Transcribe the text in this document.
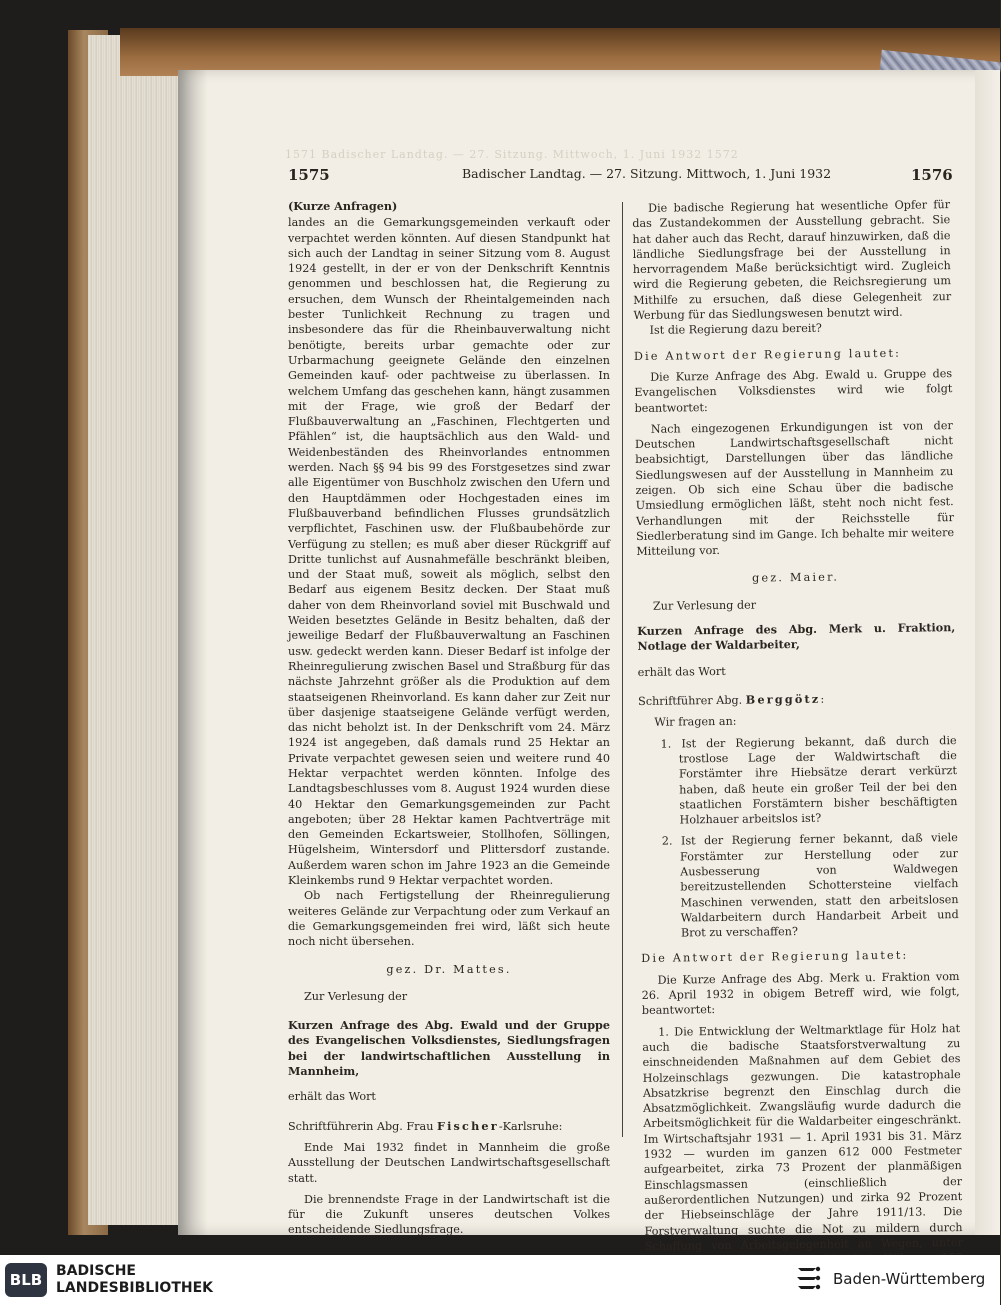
1571 Badischer Landtag. — 27. Sitzung. Mittwoch, 1. Juni 1932 1572
1575	Badischer Landtag. — 27. Sitzung. Mittwoch, 1. Juni 1932	1576

(Kurze Anfragen)

landes an die Gemarkungsgemeinden verkauft oder verpachtet werden könnten. Auf diesen Standpunkt hat sich auch der Landtag in seiner Sitzung vom 8. August 1924 gestellt, in der er von der Denkschrift Kenntnis genommen und beschlossen hat, die Regierung zu ersuchen, dem Wunsch der Rheintalgemeinden nach bester Tunlichkeit Rechnung zu tragen und insbesondere das für die Rheinbauverwaltung nicht benötigte, bereits urbar gemachte oder zur Urbarmachung geeignete Gelände den einzelnen Gemeinden kauf- oder pachtweise zu überlassen. In welchem Umfang das geschehen kann, hängt zusammen mit der Frage, wie groß der Bedarf der Flußbauverwaltung an „Faschinen, Flechtgerten und Pfählen“ ist, die hauptsächlich aus den Wald- und Weidenbeständen des Rheinvorlandes entnommen werden. Nach §§ 94 bis 99 des Forstgesetzes sind zwar alle Eigentümer von Buschholz zwischen den Ufern und den Hauptdämmen oder Hochgestaden eines im Flußbauverband befindlichen Flusses grundsätzlich verpflichtet, Faschinen usw. der Flußbaubehörde zur Verfügung zu stellen; es muß aber dieser Rückgriff auf Dritte tunlichst auf Ausnahmefälle beschränkt bleiben, und der Staat muß, soweit als möglich, selbst den Bedarf aus eigenem Besitz decken. Der Staat muß daher von dem Rheinvorland soviel mit Buschwald und Weiden besetztes Gelände in Besitz behalten, daß der jeweilige Bedarf der Flußbauverwaltung an Faschinen usw. gedeckt werden kann. Dieser Bedarf ist infolge der Rheinregulierung zwischen Basel und Straßburg für das nächste Jahrzehnt größer als die Produktion auf dem staatseigenen Rheinvorland. Es kann daher zur Zeit nur über dasjenige staatseigene Gelände verfügt werden, das nicht beholzt ist. In der Denkschrift vom 24. März 1924 ist angegeben, daß damals rund 25 Hektar an Private verpachtet gewesen seien und weitere rund 40 Hektar verpachtet werden könnten. Infolge des Landtagsbeschlusses vom 8. August 1924 wurden diese 40 Hektar den Gemarkungsgemeinden zur Pacht angeboten; über 28 Hektar kamen Pachtverträge mit den Gemeinden Eckartsweier, Stollhofen, Söllingen, Hügelsheim, Wintersdorf und Plittersdorf zustande. Außerdem waren schon im Jahre 1923 an die Gemeinde Kleinkembs rund 9 Hektar verpachtet worden.

Ob nach Fertigstellung der Rheinregulierung weiteres Gelände zur Verpachtung oder zum Verkauf an die Gemarkungsgemeinden frei wird, läßt sich heute noch nicht übersehen.

gez. Dr. Mattes.

Zur Verlesung der

Kurzen Anfrage des Abg. Ewald und der Gruppe des Evangelischen Volksdienstes, Siedlungsfragen bei der landwirtschaftlichen Ausstellung in Mannheim,

erhält das Wort

Schriftführerin Abg. Frau Fischer-Karlsruhe:

Ende Mai 1932 findet in Mannheim die große Ausstellung der Deutschen Landwirtschaftsgesellschaft statt.

Die brennendste Frage in der Landwirtschaft ist die für die Zukunft unseres deutschen Volkes entscheidende Siedlungsfrage.

Die badische Regierung hat wesentliche Opfer für das Zustandekommen der Ausstellung gebracht. Sie hat daher auch das Recht, darauf hinzuwirken, daß die ländliche Siedlungsfrage bei der Ausstellung in hervorragendem Maße berücksichtigt wird. Zugleich wird die Regierung gebeten, die Reichsregierung um Mithilfe zu ersuchen, daß diese Gelegenheit zur Werbung für das Siedlungswesen benutzt wird.

Ist die Regierung dazu bereit?

Die Antwort der Regierung lautet:

Die Kurze Anfrage des Abg. Ewald u. Gruppe des Evangelischen Volksdienstes wird wie folgt beantwortet:

Nach eingezogenen Erkundigungen ist von der Deutschen Landwirtschaftsgesellschaft nicht beabsichtigt, Darstellungen über das ländliche Siedlungswesen auf der Ausstellung in Mannheim zu zeigen. Ob sich eine Schau über die badische Umsiedlung ermöglichen läßt, steht noch nicht fest. Verhandlungen mit der Reichsstelle für Siedlerberatung sind im Gange. Ich behalte mir weitere Mitteilung vor.

gez. Maier.

Zur Verlesung der

Kurzen Anfrage des Abg. Merk u. Fraktion, Notlage der Waldarbeiter,

erhält das Wort

Schriftführer Abg. Berggötz:

Wir fragen an:

1. Ist der Regierung bekannt, daß durch die trostlose Lage der Waldwirtschaft die Forstämter ihre Hiebsätze derart verkürzt haben, daß heute ein großer Teil der bei den staatlichen Forstämtern bisher beschäftigten Holzhauer arbeitslos ist?

2. Ist der Regierung ferner bekannt, daß viele Forstämter zur Herstellung oder zur Ausbesserung von Waldwegen bereitzustellenden Schottersteine vielfach Maschinen verwenden, statt den arbeitslosen Waldarbeitern durch Handarbeit Arbeit und Brot zu verschaffen?

Die Antwort der Regierung lautet:

Die Kurze Anfrage des Abg. Merk u. Fraktion vom 26. April 1932 in obigem Betreff wird, wie folgt, beantwortet:

1. Die Entwicklung der Weltmarktlage für Holz hat auch die badische Staatsforstverwaltung zu einschneidenden Maßnahmen auf dem Gebiet des Holzeinschlags gezwungen. Die katastrophale Absatzkrise begrenzt den Einschlag durch die Absatzmöglichkeit. Zwangsläufig wurde dadurch die Arbeitsmöglichkeit für die Waldarbeiter eingeschränkt. Im Wirtschaftsjahr 1931 — 1. April 1931 bis 31. März 1932 — wurden im ganzen 612 000 Festmeter aufgearbeitet, zirka 73 Prozent der planmäßigen Einschlagsmassen (einschließlich der außerordentlichen Nutzungen) und zirka 92 Prozent der Hiebseinschläge der Jahre 1911/13. Die Forstverwaltung suchte die Not zu mildern durch Schaffung von Arbeitsgelegenheit an Wegen, unter

BLB BADISCHE
LANDESBIBLIOTHEK	Baden-Württemberg
